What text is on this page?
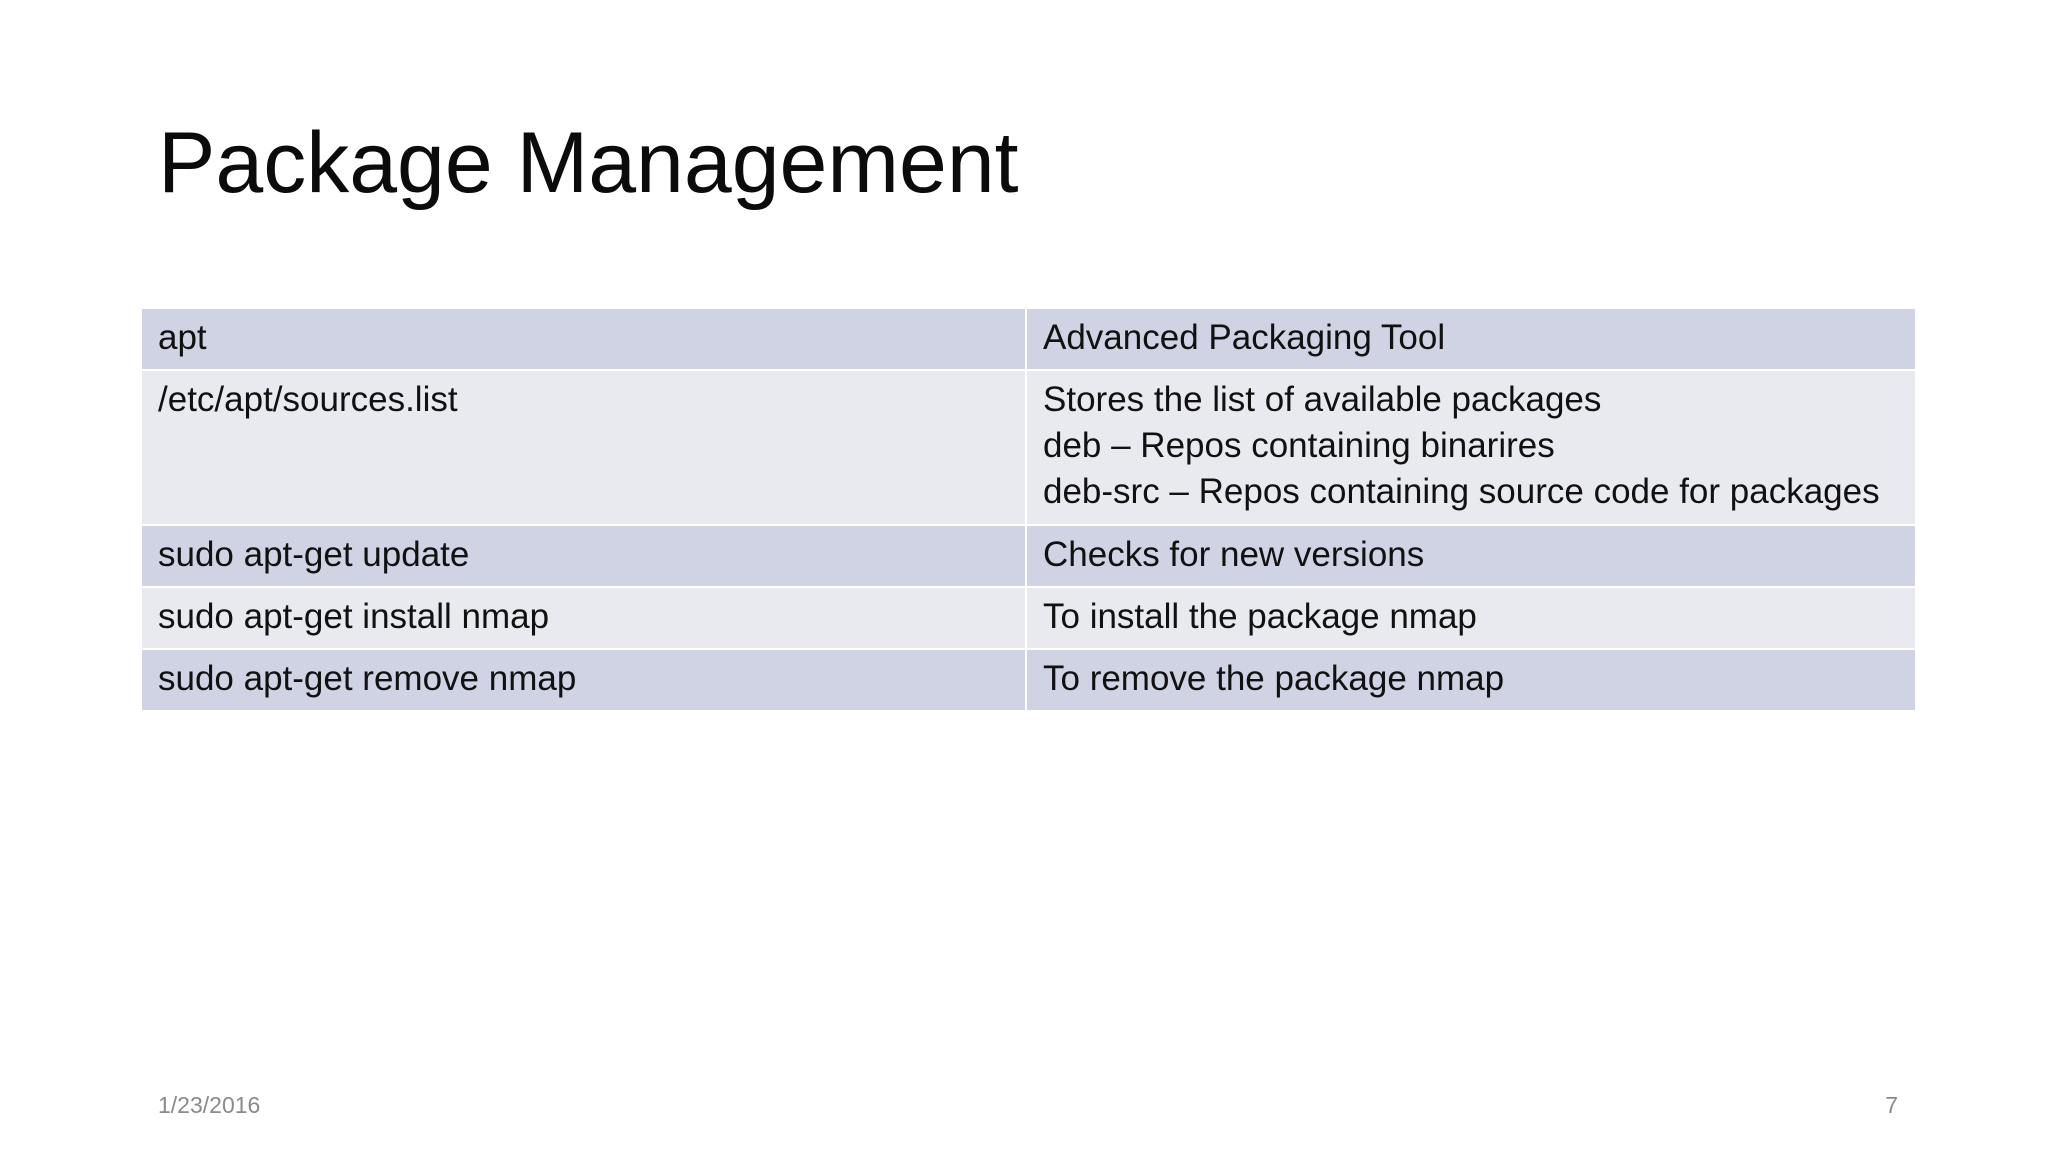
Package Management
apt	Advanced Packaging Tool
/etc/apt/sources.list	Stores the list of available packages
deb – Repos containing binarires
deb-src – Repos containing source code for packages
sudo apt-get update	Checks for new versions
sudo apt-get install nmap	To install the package nmap
sudo apt-get remove nmap	To remove the package nmap
1/23/2016	7
